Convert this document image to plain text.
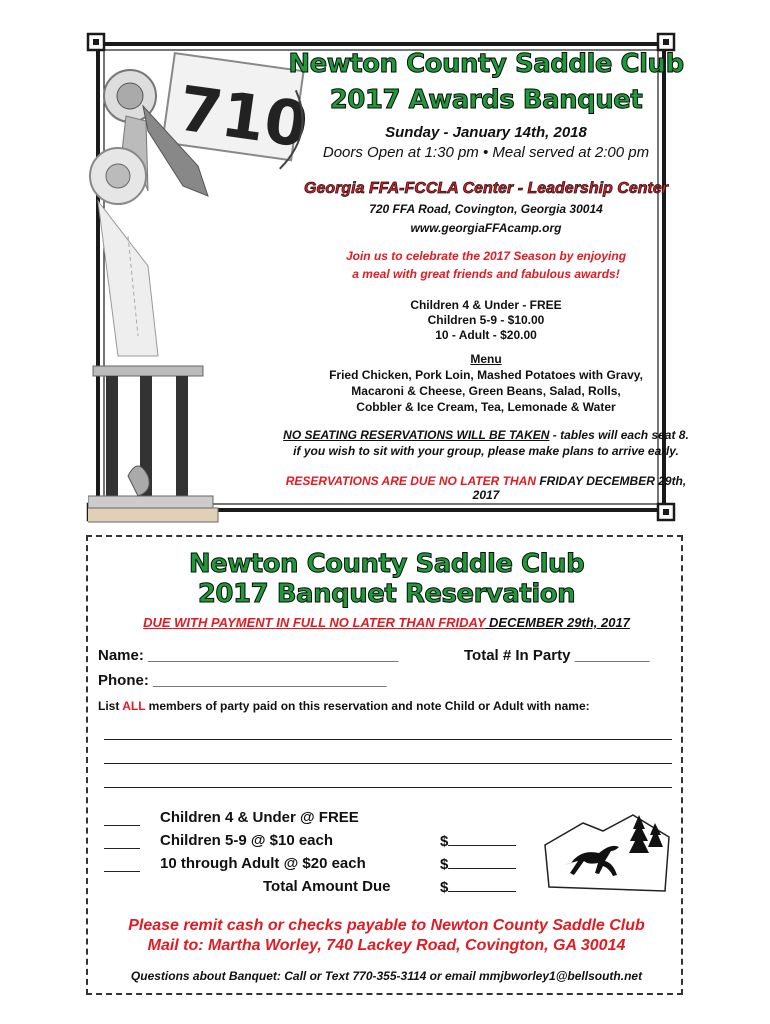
710
Newton County Saddle Club
2017 Awards Banquet
Sunday - January 14th, 2018
Doors Open at 1:30 pm • Meal served at 2:00 pm
Georgia FFA-FCCLA Center - Leadership Center
720 FFA Road, Covington, Georgia 30014
www.georgiaFFAcamp.org
Join us to celebrate the 2017 Season by enjoying
a meal with great friends and fabulous awards!
Children 4 & Under - FREE
Children 5-9 - $10.00
10 - Adult - $20.00
Menu
Fried Chicken, Pork Loin, Mashed Potatoes with Gravy,
Macaroni & Cheese, Green Beans, Salad, Rolls,
Cobbler & Ice Cream, Tea, Lemonade & Water
NO SEATING RESERVATIONS WILL BE TAKEN - tables will each seat 8.
if you wish to sit with your group, please make plans to arrive early.
RESERVATIONS ARE DUE NO LATER THAN FRIDAY DECEMBER 29th, 2017
Newton County Saddle Club
2017 Banquet Reservation
DUE WITH PAYMENT IN FULL NO LATER THAN FRIDAY DECEMBER 29th, 2017
Name: ______________________________	Total # In Party _________
Phone: ____________________________
List ALL members of party paid on this reservation and note Child or Adult with name:
Children 4 & Under @ FREE
Children 5-9 @ $10 each	$
10 through Adult @ $20 each	$
Total Amount Due	$
Please remit cash or checks payable to Newton County Saddle Club
Mail to: Martha Worley, 740 Lackey Road, Covington, GA 30014
Questions about Banquet: Call or Text 770-355-3114 or email mmjbworley1@bellsouth.net
